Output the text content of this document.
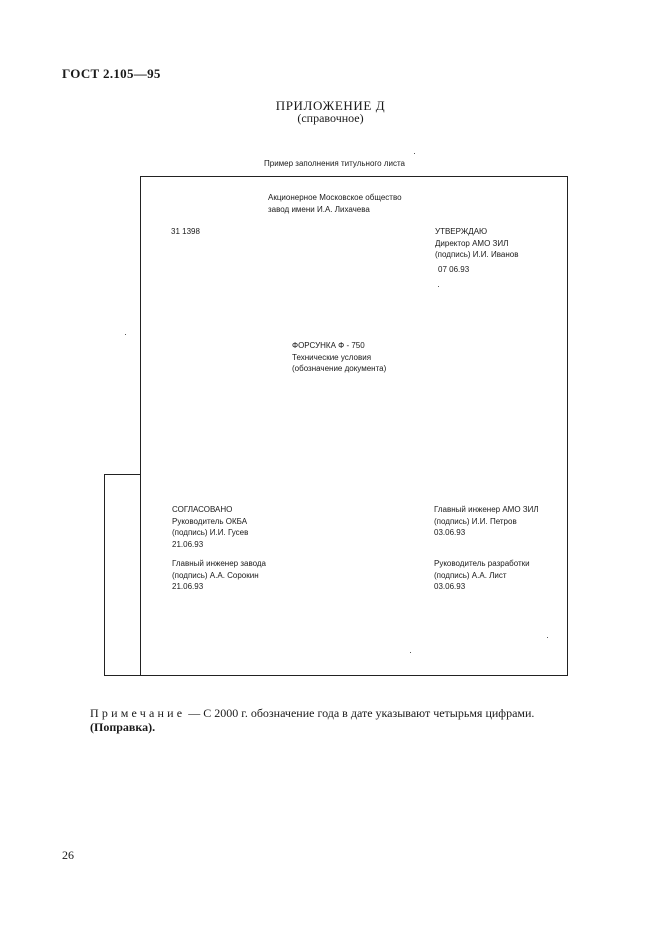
ГОСТ 2.105—95
ПРИЛОЖЕНИЕ Д
(справочное)
Пример заполнения титульного листа
Акционерное Московское общество
завод имени И.А. Лихачева
31 1398	УТВЕРЖДАЮ
Директор АМО ЗИЛ
(подпись) И.И. Иванов
07 06.93
ФОРСУНКА Ф - 750
Технические условия
(обозначение документа)
СОГЛАСОВАНО
Руководитель ОКБА
(подпись) И.И. Гусев
21.06.93
Главный инженер завода
(подпись) А.А. Сорокин
21.06.93
Главный инженер АМО ЗИЛ
(подпись) И.И. Петров
03.06.93
Руководитель разработки
(подпись) А.А. Лист
03.06.93
Примечание — С 2000 г. обозначение года в дате указывают четырьмя цифрами.
(Поправка).
26
